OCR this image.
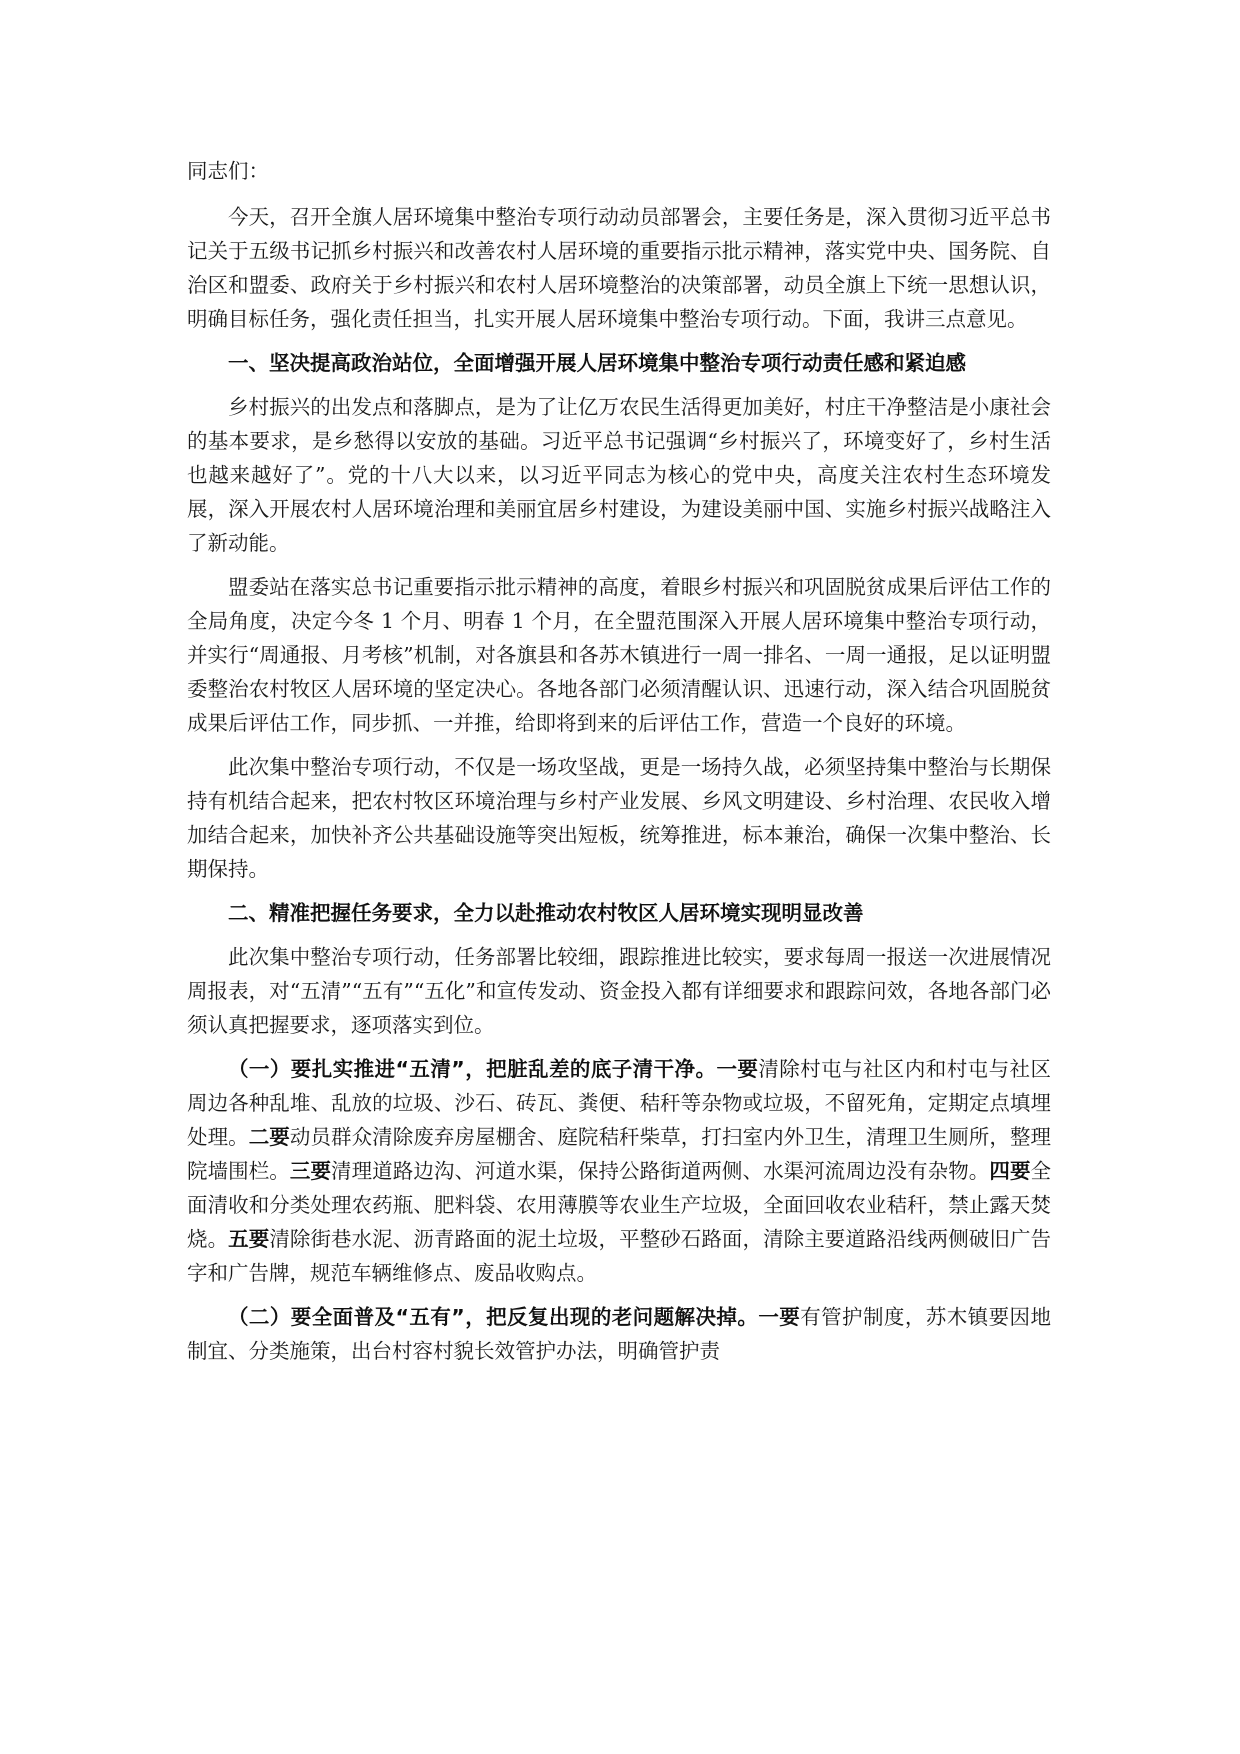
同志们：

今天，召开全旗人居环境集中整治专项行动动员部署会，主要任务是，深入贯彻习近平总书记关于五级书记抓乡村振兴和改善农村人居环境的重要指示批示精神，落实党中央、国务院、自治区和盟委、政府关于乡村振兴和农村人居环境整治的决策部署，动员全旗上下统一思想认识，明确目标任务，强化责任担当，扎实开展人居环境集中整治专项行动。下面，我讲三点意见。

一、坚决提高政治站位，全面增强开展人居环境集中整治专项行动责任感和紧迫感

乡村振兴的出发点和落脚点，是为了让亿万农民生活得更加美好，村庄干净整洁是小康社会的基本要求，是乡愁得以安放的基础。习近平总书记强调“乡村振兴了，环境变好了，乡村生活也越来越好了”。党的十八大以来，以习近平同志为核心的党中央，高度关注农村生态环境发展，深入开展农村人居环境治理和美丽宜居乡村建设，为建设美丽中国、实施乡村振兴战略注入了新动能。

盟委站在落实总书记重要指示批示精神的高度，着眼乡村振兴和巩固脱贫成果后评估工作的全局角度，决定今冬 1 个月、明春 1 个月，在全盟范围深入开展人居环境集中整治专项行动，并实行“周通报、月考核”机制，对各旗县和各苏木镇进行一周一排名、一周一通报，足以证明盟委整治农村牧区人居环境的坚定决心。各地各部门必须清醒认识、迅速行动，深入结合巩固脱贫成果后评估工作，同步抓、一并推，给即将到来的后评估工作，营造一个良好的环境。

此次集中整治专项行动，不仅是一场攻坚战，更是一场持久战，必须坚持集中整治与长期保持有机结合起来，把农村牧区环境治理与乡村产业发展、乡风文明建设、乡村治理、农民收入增加结合起来，加快补齐公共基础设施等突出短板，统筹推进，标本兼治，确保一次集中整治、长期保持。

二、精准把握任务要求，全力以赴推动农村牧区人居环境实现明显改善

此次集中整治专项行动，任务部署比较细，跟踪推进比较实，要求每周一报送一次进展情况周报表，对“五清”“五有”“五化”和宣传发动、资金投入都有详细要求和跟踪问效，各地各部门必须认真把握要求，逐项落实到位。

（一）要扎实推进“五清”，把脏乱差的底子清干净。一要清除村屯与社区内和村屯与社区周边各种乱堆、乱放的垃圾、沙石、砖瓦、粪便、秸秆等杂物或垃圾，不留死角，定期定点填埋处理。二要动员群众清除废弃房屋棚舍、庭院秸秆柴草，打扫室内外卫生，清理卫生厕所，整理院墙围栏。三要清理道路边沟、河道水渠，保持公路街道两侧、水渠河流周边没有杂物。四要全面清收和分类处理农药瓶、肥料袋、农用薄膜等农业生产垃圾，全面回收农业秸秆，禁止露天焚烧。五要清除街巷水泥、沥青路面的泥土垃圾，平整砂石路面，清除主要道路沿线两侧破旧广告字和广告牌，规范车辆维修点、废品收购点。

（二）要全面普及“五有”，把反复出现的老问题解决掉。一要有管护制度，苏木镇要因地制宜、分类施策，出台村容村貌长效管护办法，明确管护责
